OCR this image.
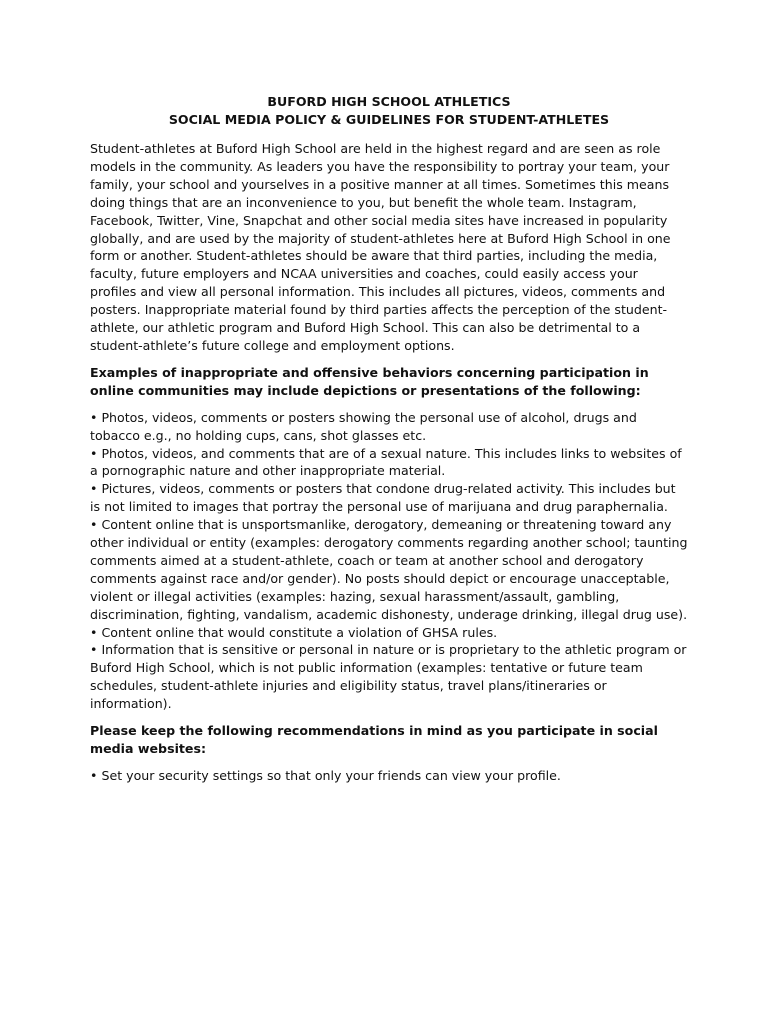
BUFORD HIGH SCHOOL ATHLETICS
SOCIAL MEDIA POLICY & GUIDELINES FOR STUDENT-ATHLETES

Student-athletes at Buford High School are held in the highest regard and are seen as role models in the community. As leaders you have the responsibility to portray your team, your family, your school and yourselves in a positive manner at all times. Sometimes this means doing things that are an inconvenience to you, but benefit the whole team. Instagram, Facebook, Twitter, Vine, Snapchat and other social media sites have increased in popularity globally, and are used by the majority of student-athletes here at Buford High School in one form or another. Student-athletes should be aware that third parties, including the media, faculty, future employers and NCAA universities and coaches, could easily access your profiles and view all personal information. This includes all pictures, videos, comments and posters. Inappropriate material found by third parties affects the perception of the student-athlete, our athletic program and Buford High School. This can also be detrimental to a student-athlete’s future college and employment options.

Examples of inappropriate and offensive behaviors concerning participation in online communities may include depictions or presentations of the following:

• Photos, videos, comments or posters showing the personal use of alcohol, drugs and tobacco e.g., no holding cups, cans, shot glasses etc.
• Photos, videos, and comments that are of a sexual nature. This includes links to websites of a pornographic nature and other inappropriate material.
• Pictures, videos, comments or posters that condone drug-related activity. This includes but is not limited to images that portray the personal use of marijuana and drug paraphernalia.
• Content online that is unsportsmanlike, derogatory, demeaning or threatening toward any other individual or entity (examples: derogatory comments regarding another school; taunting comments aimed at a student-athlete, coach or team at another school and derogatory comments against race and/or gender). No posts should depict or encourage unacceptable, violent or illegal activities (examples: hazing, sexual harassment/assault, gambling, discrimination, fighting, vandalism, academic dishonesty, underage drinking, illegal drug use).
• Content online that would constitute a violation of GHSA rules.
• Information that is sensitive or personal in nature or is proprietary to the athletic program or Buford High School, which is not public information (examples: tentative or future team schedules, student-athlete injuries and eligibility status, travel plans/itineraries or information).

Please keep the following recommendations in mind as you participate in social media websites:

• Set your security settings so that only your friends can view your profile.
